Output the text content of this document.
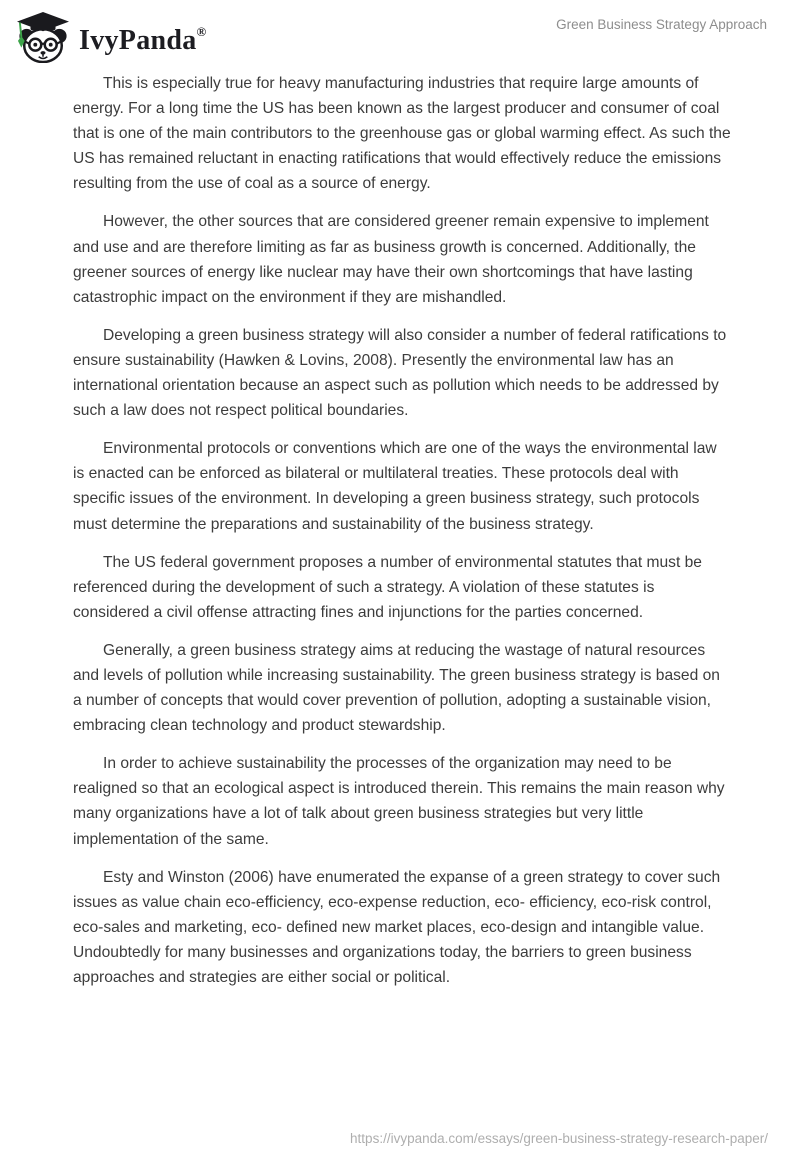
IvyPanda®	Green Business Strategy Approach

This is especially true for heavy manufacturing industries that require large amounts of energy. For a long time the US has been known as the largest producer and consumer of coal that is one of the main contributors to the greenhouse gas or global warming effect. As such the US has remained reluctant in enacting ratifications that would effectively reduce the emissions resulting from the use of coal as a source of energy.

However, the other sources that are considered greener remain expensive to implement and use and are therefore limiting as far as business growth is concerned. Additionally, the greener sources of energy like nuclear may have their own shortcomings that have lasting catastrophic impact on the environment if they are mishandled.

Developing a green business strategy will also consider a number of federal ratifications to ensure sustainability (Hawken & Lovins, 2008). Presently the environmental law has an international orientation because an aspect such as pollution which needs to be addressed by such a law does not respect political boundaries.

Environmental protocols or conventions which are one of the ways the environmental law is enacted can be enforced as bilateral or multilateral treaties. These protocols deal with specific issues of the environment. In developing a green business strategy, such protocols must determine the preparations and sustainability of the business strategy.

The US federal government proposes a number of environmental statutes that must be referenced during the development of such a strategy. A violation of these statutes is considered a civil offense attracting fines and injunctions for the parties concerned.

Generally, a green business strategy aims at reducing the wastage of natural resources and levels of pollution while increasing sustainability. The green business strategy is based on a number of concepts that would cover prevention of pollution, adopting a sustainable vision, embracing clean technology and product stewardship.

In order to achieve sustainability the processes of the organization may need to be realigned so that an ecological aspect is introduced therein. This remains the main reason why many organizations have a lot of talk about green business strategies but very little implementation of the same.

Esty and Winston (2006) have enumerated the expanse of a green strategy to cover such issues as value chain eco-efficiency, eco-expense reduction, eco- efficiency, eco-risk control, eco-sales and marketing, eco- defined new market places, eco-design and intangible value. Undoubtedly for many businesses and organizations today, the barriers to green business approaches and strategies are either social or political.

https://ivypanda.com/essays/green-business-strategy-research-paper/
